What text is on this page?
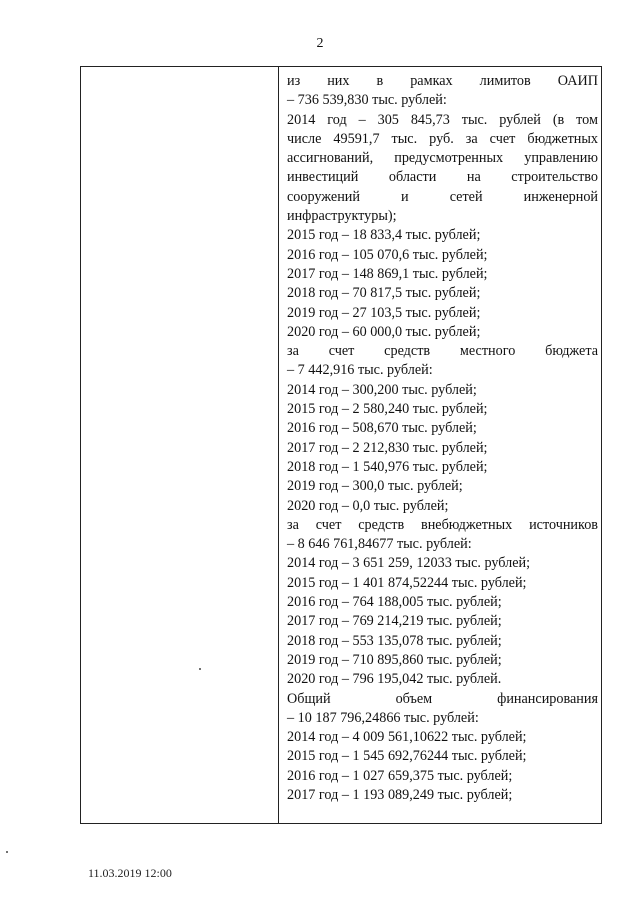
2
из них в рамках лимитов ОАИП
– 736 539,830 тыс. рублей:
2014 год – 305 845,73 тыс. рублей (в том
числе 49591,7 тыс. руб. за счет бюджетных
ассигнований, предусмотренных управлению
инвестиций области на строительство
сооружений и сетей инженерной
инфраструктуры);
2015 год – 18 833,4 тыс. рублей;
2016 год – 105 070,6 тыс. рублей;
2017 год – 148 869,1 тыс. рублей;
2018 год – 70 817,5 тыс. рублей;
2019 год – 27 103,5 тыс. рублей;
2020 год – 60 000,0 тыс. рублей;
за счет средств местного бюджета
– 7 442,916 тыс. рублей:
2014 год – 300,200 тыс. рублей;
2015 год – 2 580,240 тыс. рублей;
2016 год – 508,670 тыс. рублей;
2017 год – 2 212,830 тыс. рублей;
2018 год – 1 540,976 тыс. рублей;
2019 год – 300,0 тыс. рублей;
2020 год – 0,0 тыс. рублей;
за счет средств внебюджетных источников
– 8 646 761,84677 тыс. рублей:
2014 год – 3 651 259, 12033 тыс. рублей;
2015 год – 1 401 874,52244 тыс. рублей;
2016 год – 764 188,005 тыс. рублей;
2017 год – 769 214,219 тыс. рублей;
2018 год – 553 135,078 тыс. рублей;
2019 год – 710 895,860 тыс. рублей;
2020 год – 796 195,042 тыс. рублей.
Общий объем финансирования
– 10 187 796,24866 тыс. рублей:
2014 год – 4 009 561,10622 тыс. рублей;
2015 год – 1 545 692,76244 тыс. рублей;
2016 год – 1 027 659,375 тыс. рублей;
2017 год – 1 193 089,249 тыс. рублей;
11.03.2019 12:00
